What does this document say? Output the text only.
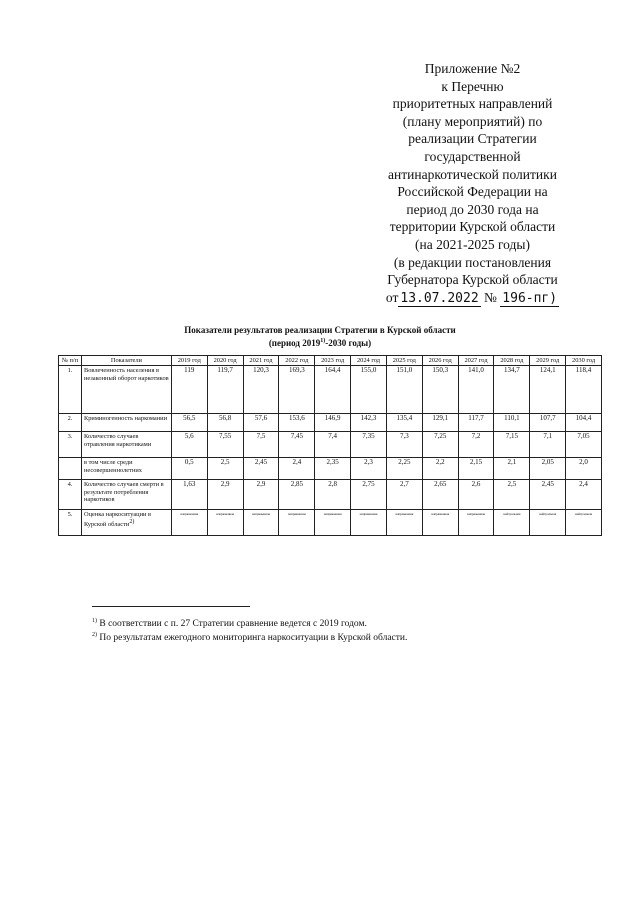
Приложение №2
к Перечню
приоритетных направлений
(плану мероприятий) по
реализации Стратегии
государственной
антинаркотической политики
Российской Федерации на
период до 2030 года на
территории Курской области
(на 2021-2025 годы)
(в редакции постановления
Губернатора Курской области
от 13.07.2022 № 196-пг)
Показатели результатов реализации Стратегии в Курской области
(период 2019$^{1)}$-2030 годы)
№ п/п	Показатели	2019 год	2020 год	2021 год	2022 год	2023 год	2024 год	2025 год	2026 год	2027 год	2028 год	2029 год	2030 год
1.	Вовлеченность населения в незаконный оборот наркотиков	119	119,7	120,3	169,3	164,4	155,0	151,0	150,3	141,0	134,7	124,1	118,4
2.	Криминогенность наркомании	56,5	56,8	57,6	153,6	146,9	142,3	135,4	129,1	117,7	110,1	107,7	104,4
3.	Количество случаев отравления наркотиками	5,6	7,55	7,5	7,45	7,4	7,35	7,3	7,25	7,2	7,15	7,1	7,05
	в том числе среди несовершеннолетних	0,5	2,5	2,45	2,4	2,35	2,3	2,25	2,2	2,15	2,1	2,05	2,0
4.	Количество случаев смерти в результате потребления наркотиков	1,63	2,9	2,9	2,85	2,8	2,75	2,7	2,65	2,6	2,5	2,45	2,4
5.	Оценка наркоситуации в Курской области$^{2)}$	напряженная	напряженная	напряженная	напряженная	напряженная	напряженная	напряженная	напряженная	напряженная	нейтральная	нейтральная	нейтральная
$^{1)}$ В соответствии с п. 27 Стратегии сравнение ведется с 2019 годом.
$^{2)}$ По результатам ежегодного мониторинга наркоситуации в Курской области.
